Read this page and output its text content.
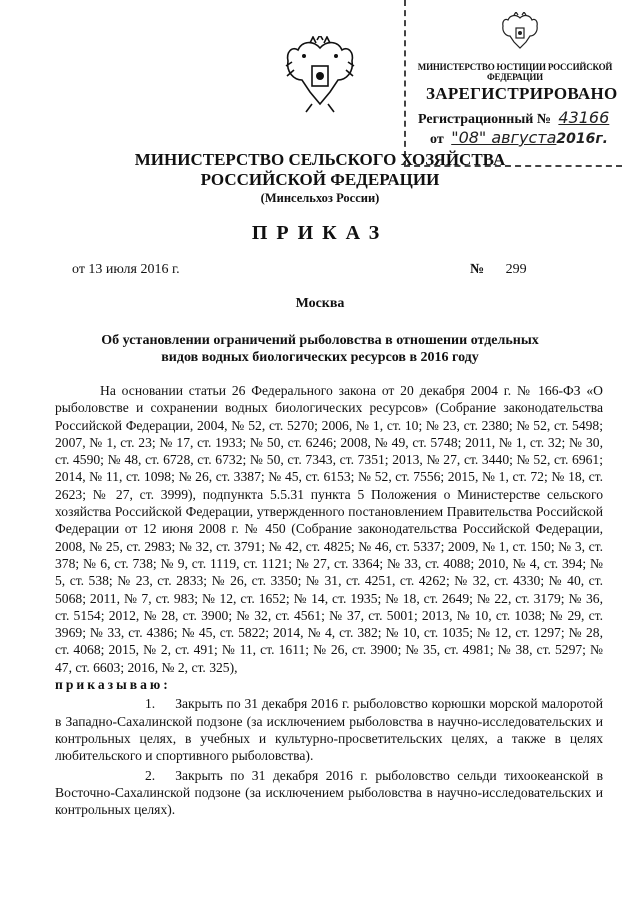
МИНИСТЕРСТВО ЮСТИЦИИ РОССИЙСКОЙ ФЕДЕРАЦИИ
ЗАРЕГИСТРИРОВАНО
Регистрационный № 43166
от "08" августа2016г.
МИНИСТЕРСТВО СЕЛЬСКОГО ХОЗЯЙСТВА
РОССИЙСКОЙ ФЕДЕРАЦИИ
(Минсельхоз России)
ПРИКАЗ
от 13 июля 2016 г.	№ 299
Москва
Об установлении ограничений рыболовства в отношении отдельных
видов водных биологических ресурсов в 2016 году

На основании статьи 26 Федерального закона от 20 декабря 2004 г. № 166-ФЗ «О рыболовстве и сохранении водных биологических ресурсов» (Собрание законодательства Российской Федерации, 2004, № 52, ст. 5270; 2006, № 1, ст. 10; № 23, ст. 2380; № 52, ст. 5498; 2007, № 1, ст. 23; № 17, ст. 1933; № 50, ст. 6246; 2008, № 49, ст. 5748; 2011, № 1, ст. 32; № 30, ст. 4590; № 48, ст. 6728, ст. 6732; № 50, ст. 7343, ст. 7351; 2013, № 27, ст. 3440; № 52, ст. 6961; 2014, № 11, ст. 1098; № 26, ст. 3387; № 45, ст. 6153; № 52, ст. 7556; 2015, № 1, ст. 72; № 18, ст. 2623; № 27, ст. 3999), подпункта 5.5.31 пункта 5 Положения о Министерстве сельского хозяйства Российской Федерации, утвержденного постановлением Правительства Российской Федерации от 12 июня 2008 г. № 450 (Собрание законодательства Российской Федерации, 2008, № 25, ст. 2983; № 32, ст. 3791; № 42, ст. 4825; № 46, ст. 5337; 2009, № 1, ст. 150; № 3, ст. 378; № 6, ст. 738; № 9, ст. 1119, ст. 1121; № 27, ст. 3364; № 33, ст. 4088; 2010, № 4, ст. 394; № 5, ст. 538; № 23, ст. 2833; № 26, ст. 3350; № 31, ст. 4251, ст. 4262; № 32, ст. 4330; № 40, ст. 5068; 2011, № 7, ст. 983; № 12, ст. 1652; № 14, ст. 1935; № 18, ст. 2649; № 22, ст. 3179; № 36, ст. 5154; 2012, № 28, ст. 3900; № 32, ст. 4561; № 37, ст. 5001; 2013, № 10, ст. 1038; № 29, ст. 3969; № 33, ст. 4386; № 45, ст. 5822; 2014, № 4, ст. 382; № 10, ст. 1035; № 12, ст. 1297; № 28, ст. 4068; 2015, № 2, ст. 491; № 11, ст. 1611; № 26, ст. 3900; № 35, ст. 4981; № 38, ст. 5297; № 47, ст. 6603; 2016, № 2, ст. 325),

приказываю:

1. Закрыть по 31 декабря 2016 г. рыболовство корюшки морской малоротой в Западно-Сахалинской подзоне (за исключением рыболовства в научно-исследовательских и контрольных целях, в учебных и культурно-просветительских целях, а также в целях любительского и спортивного рыболовства).

2. Закрыть по 31 декабря 2016 г. рыболовство сельди тихоокеанской в Восточно-Сахалинской подзоне (за исключением рыболовства в научно-исследовательских и контрольных целях).
